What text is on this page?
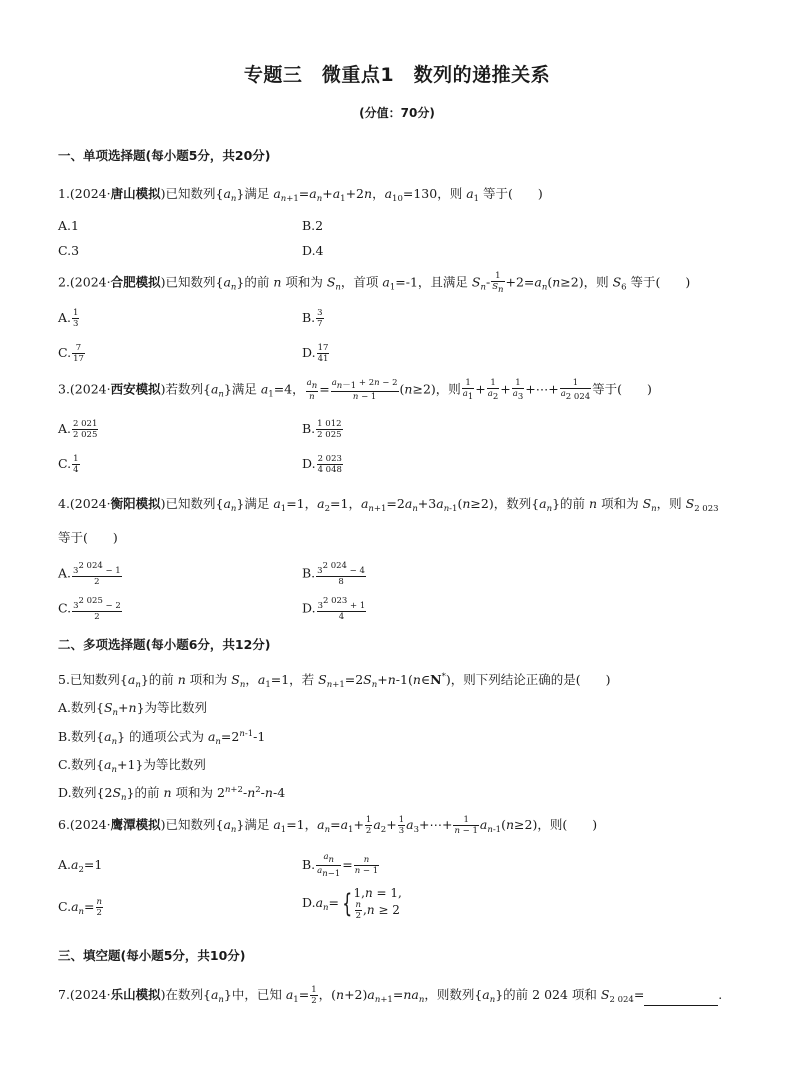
专题三　微重点1　数列的递推关系
(分值：70分)
一、单项选择题(每小题5分，共20分)
1.(2024·唐山模拟)已知数列$\{a_n\}$满足 $a_{n+1}=a_n+a_1+2n$，$a_{10}=130$，则 $a_1$ 等于(　　)
A.1	B.2
C.3	D.4
2.(2024·合肥模拟)已知数列$\{a_n\}$的前 n 项和为 $S_n$，首项 $a_1=-1$，且满足 $S_n- \frac{1}{S_n} +2=a_n(n\ge 2)$，则 $S_6$ 等于(　　)
A. $\frac{1}{3}$	B. $\frac{3}{7}$
C. $\frac{7}{17}$	D. $\frac{17}{41}$
3.(2024·西安模拟)若数列$\{a_n\}$满足 $a_1=4$， $\frac{a_n}{n} = \frac{a_{n-1} + 2n - 2}{n - 1} (n\ge 2)$，则 $\frac{1}{a_1} + \frac{1}{a_2} + \frac{1}{a_3}$ +⋯+ $\frac{1}{a_{2 024}}$ 等于(　　)
A. $\frac{2 021}{2 025}$	B. $\frac{1 012}{2 025}$
C. $\frac{1}{4}$	D. $\frac{2 023}{4 048}$
4.(2024·衡阳模拟)已知数列$\{a_n\}$满足 $a_1=1$，$a_2=1$，$a_{n+1}=2a_n+3a_{n-1}(n\ge 2)$，数列$\{a_n\}$的前 n 项和为 $S_n$，则 $S_{2 023}$
等于(　　)
A. $\frac{3^{2 024} - 1}{2}$	B. $\frac{3^{2 024} - 4}{8}$
C. $\frac{3^{2 025} - 2}{2}$	D. $\frac{3^{2 023} + 1}{4}$
二、多项选择题(每小题6分，共12分)
5.已知数列$\{a_n\}$的前 n 项和为 $S_n$，$a_1=1$，若 $S_{n+1}=2S_n+n-1(n\in N^*)$，则下列结论正确的是(　　)
A.数列$\{S_n+n\}$为等比数列
B.数列$\{a_n\}$ 的通项公式为 $a_n=2^{n-1}-1$
C.数列$\{a_n+1\}$为等比数列
D.数列$\{2S_n\}$的前 n 项和为 $2^{n+2}-n^2-n-4$
6.(2024·鹰潭模拟)已知数列$\{a_n\}$满足 $a_1=1$，$a_n=a_1+ \frac{1}{2} a_2+ \frac{1}{3}$ $a_3+\cdots+ \frac{1}{n - 1} a_{n-1}(n\ge 2)$，则(　　)
$A.a_2=1$	B. $\frac{a_n}{a_{n-1}} = \frac{n}{n - 1}$
$C.a_n= \frac{n}{2}$	$D.a_n=$ { 1,n = 1,
$\frac{n}{2} ,n \ge 2$
三、填空题(每小题5分，共10分)
7.(2024·乐山模拟)在数列$\{a_n\}$中，已知 $a_1= \frac{1}{2}$ ，$(n+2)a_{n+1}=na_n$，则数列$\{a_n\}$的前 2 024 项和 $S_{2 024}=$	.
